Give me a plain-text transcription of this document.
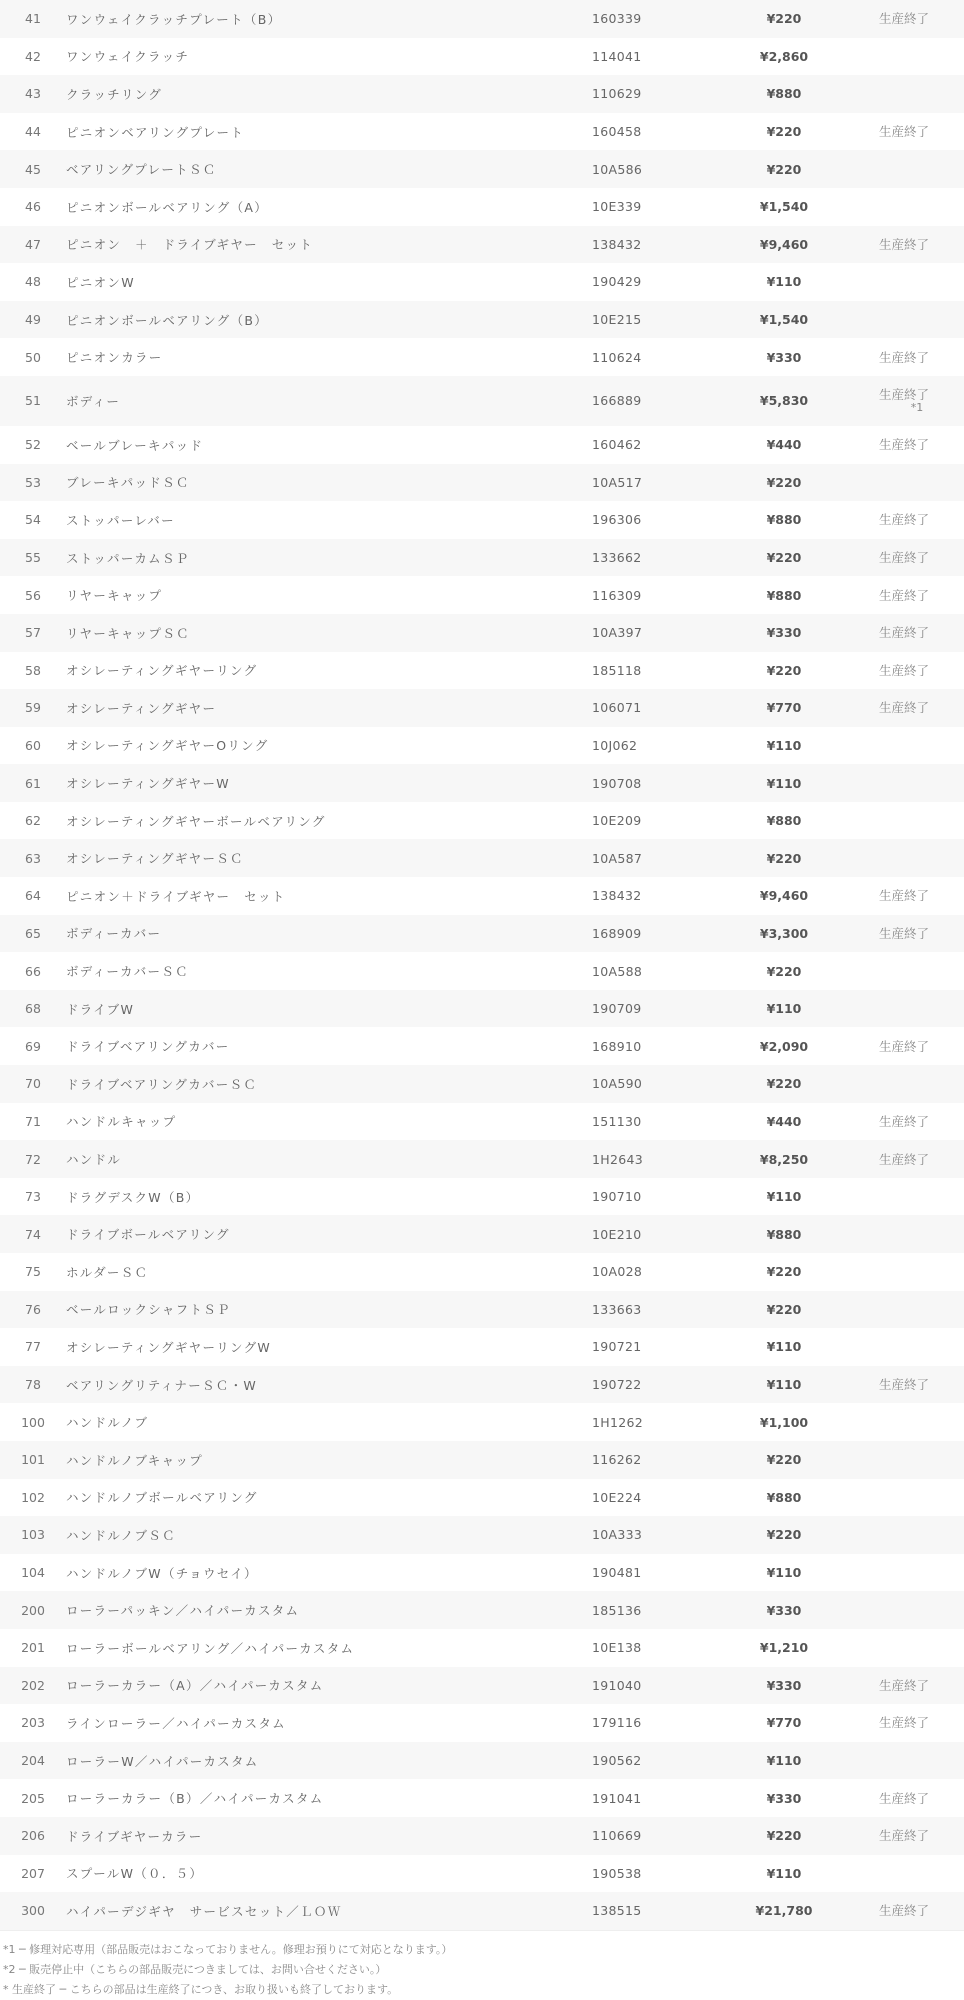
41	ワンウェイクラッチプレート（B）	160339	¥220	生産終了
42	ワンウェイクラッチ	114041	¥2,860	
43	クラッチリング	110629	¥880	
44	ピニオンベアリングプレート	160458	¥220	生産終了
45	ベアリングプレートＳＣ	10A586	¥220	
46	ピニオンボールベアリング（A）	10E339	¥1,540	
47	ピニオン　＋　ドライブギヤー　セット	138432	¥9,460	生産終了
48	ピニオンW	190429	¥110	
49	ピニオンボールベアリング（B）	10E215	¥1,540	
50	ピニオンカラー	110624	¥330	生産終了
51	ボディー	166889	¥5,830	生産終了
*1

52	ベールブレーキパッド	160462	¥440	生産終了
53	ブレーキパッドＳＣ	10A517	¥220	
54	ストッパーレバー	196306	¥880	生産終了
55	ストッパーカムＳＰ	133662	¥220	生産終了
56	リヤーキャップ	116309	¥880	生産終了
57	リヤーキャップＳＣ	10A397	¥330	生産終了
58	オシレーティングギヤーリング	185118	¥220	生産終了
59	オシレーティングギヤー	106071	¥770	生産終了
60	オシレーティングギヤーOリング	10J062	¥110	
61	オシレーティングギヤーW	190708	¥110	
62	オシレーティングギヤーボールベアリング	10E209	¥880	
63	オシレーティングギヤーＳＣ	10A587	¥220	
64	ピニオン＋ドライブギヤー　セット	138432	¥9,460	生産終了
65	ボディーカバー	168909	¥3,300	生産終了
66	ボディーカバーＳＣ	10A588	¥220	
68	ドライブW	190709	¥110	
69	ドライブベアリングカバー	168910	¥2,090	生産終了
70	ドライブベアリングカバーＳＣ	10A590	¥220	
71	ハンドルキャップ	151130	¥440	生産終了
72	ハンドル	1H2643	¥8,250	生産終了
73	ドラグデスクW（B）	190710	¥110	
74	ドライブボールベアリング	10E210	¥880	
75	ホルダーＳＣ	10A028	¥220	
76	ベールロックシャフトＳＰ	133663	¥220	
77	オシレーティングギヤーリングW	190721	¥110	
78	ベアリングリティナーＳＣ・W	190722	¥110	生産終了
100	ハンドルノブ	1H1262	¥1,100	
101	ハンドルノブキャップ	116262	¥220	
102	ハンドルノブボールベアリング	10E224	¥880	
103	ハンドルノブＳＣ	10A333	¥220	
104	ハンドルノブW（チョウセイ）	190481	¥110	
200	ローラーパッキン／ハイパーカスタム	185136	¥330	
201	ローラーボールベアリング／ハイパーカスタム	10E138	¥1,210	
202	ローラーカラー（A）／ハイパーカスタム	191040	¥330	生産終了
203	ラインローラー／ハイパーカスタム	179116	¥770	生産終了
204	ローラーW／ハイパーカスタム	190562	¥110	
205	ローラーカラー（B）／ハイパーカスタム	191041	¥330	生産終了
206	ドライブギヤーカラー	110669	¥220	生産終了
207	スプールW（０．５）	190538	¥110	
300	ハイパーデジギヤ　サービスセット／ＬＯＷ	138515	¥21,780	生産終了

*1 ─ 修理対応専用（部品販売はおこなっておりません。修理お預りにて対応となります。）

*2 ─ 販売停止中（こちらの部品販売につきましては、お問い合せください。）

* 生産終了 ─ こちらの部品は生産終了につき、お取り扱いも終了しております。
